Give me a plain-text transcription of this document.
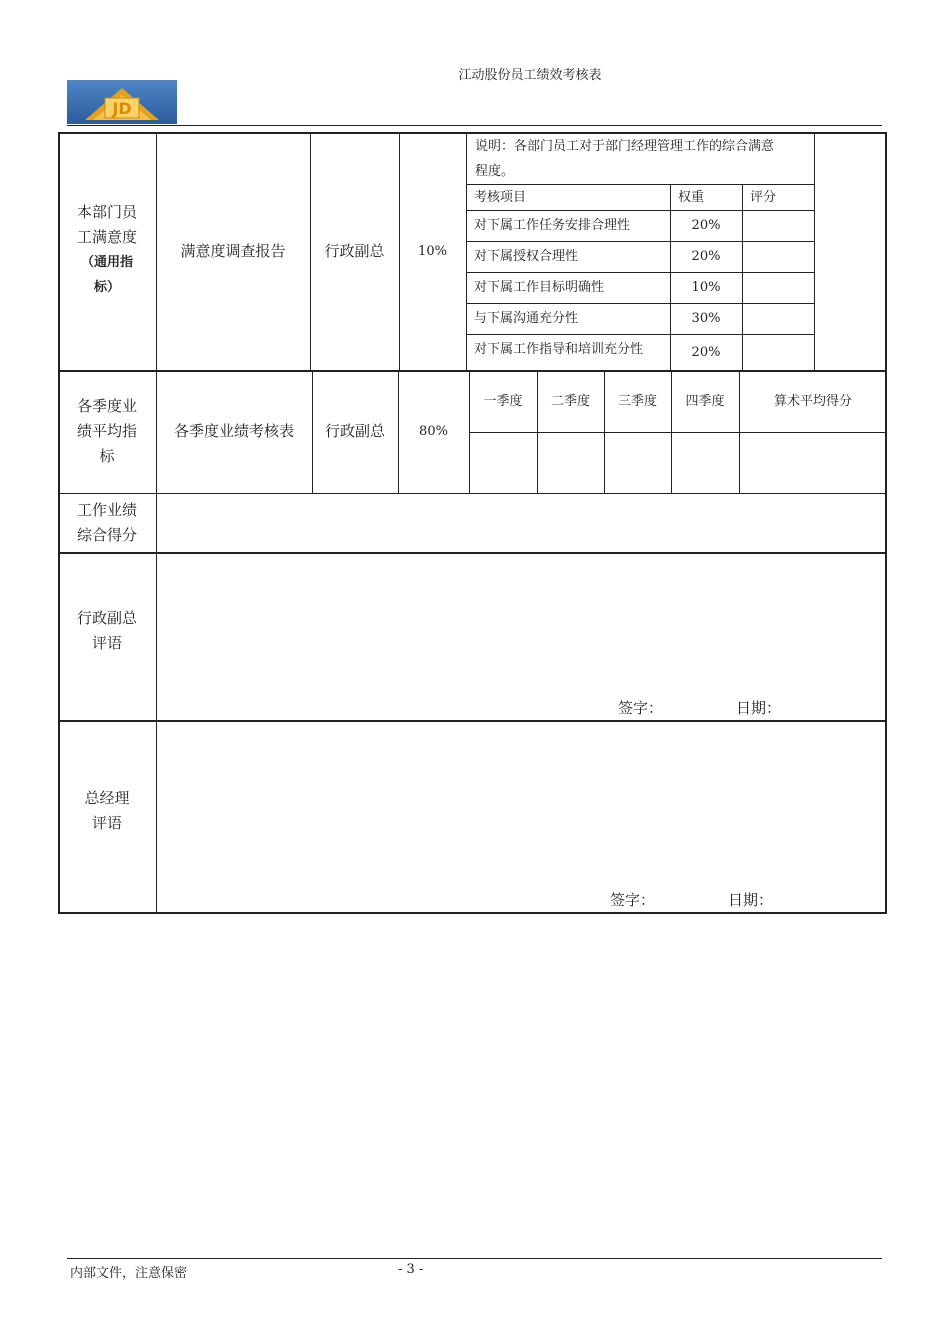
江动股份员工绩效考核表
JD
本部门员
工满意度
（通用指
标）
满意度调查报告	行政副总	10%
说明：各部门员工对于部门经理管理工作的综合满意
程度。
考核项目	权重	评分
对下属工作任务安排合理性	20%
对下属授权合理性	20%
对下属工作目标明确性	10%
与下属沟通充分性	30%
对下属工作指导和培训充分性	20%
各季度业
绩平均指
标
各季度业绩考核表	行政副总	80%
一季度	二季度	三季度	四季度	算术平均得分
工作业绩
综合得分
行政副总
评语
签字：	日期：
总经理
评语
签字：	日期：
内部文件，注意保密	- 3 -
